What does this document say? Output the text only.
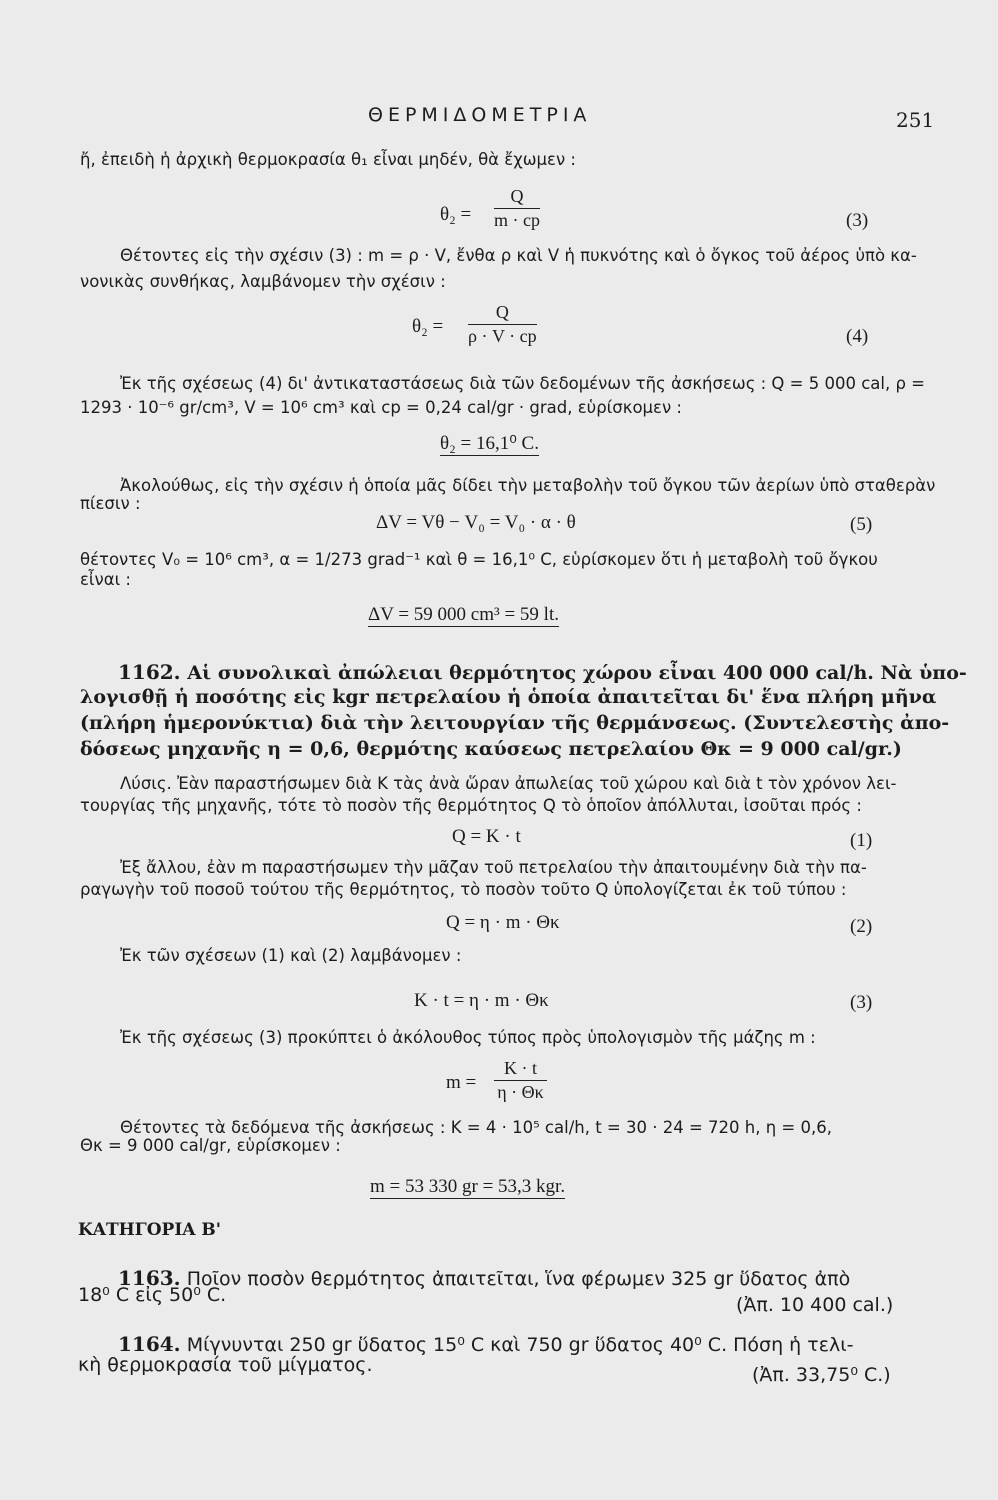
ΘΕΡΜΙΔΟΜΕΤΡΙΑ	251
ἤ, ἐπειδὴ ἡ ἀρχικὴ θερμοκρασία θ₁ εἶναι μηδέν, θὰ ἔχωμεν :
$\theta_2 = \frac{Q}{m \cdot cp}$	(3)
Θέτοντες εἰς τὴν σχέσιν (3) : m = ρ · V, ἔνθα ρ καὶ V ἡ πυκνότης καὶ ὁ ὄγκος τοῦ ἀέρος ὑπὸ κα-
νονικὰς συνθήκας, λαμβάνομεν τὴν σχέσιν :
$\theta_2 = \frac{Q}{\rho \cdot V \cdot cp}$	(4)
Ἐκ τῆς σχέσεως (4) δι' ἀντικαταστάσεως διὰ τῶν δεδομένων τῆς ἀσκήσεως : Q = 5 000 cal, ρ =
1293 · 10⁻⁶ gr/cm³, V = 10⁶ cm³ καὶ cp = 0,24 cal/gr · grad, εὑρίσκομεν :
θ₂ = 16,1⁰ C.
Ἀκολούθως, εἰς τὴν σχέσιν ἡ ὁποία μᾶς δίδει τὴν μεταβολὴν τοῦ ὄγκου τῶν ἀερίων ὑπὸ σταθερὰν
πίεσιν :
ΔV = Vθ − V₀ = V₀ · α · θ	(5)
θέτοντες V₀ = 10⁶ cm³, α = 1/273 grad⁻¹ καὶ θ = 16,1⁰ C, εὑρίσκομεν ὅτι ἡ μεταβολὴ τοῦ ὄγκου
εἶναι :
ΔV = 59 000 cm³ = 59 lt.
1162. Αἱ συνολικαὶ ἀπώλειαι θερμότητος χώρου εἶναι 400 000 cal/h. Νὰ ὑπο-
λογισθῇ ἡ ποσότης εἰς kgr πετρελαίου ἡ ὁποία ἀπαιτεῖται δι' ἕνα πλήρη μῆνα
(πλήρη ἡμερονύκτια) διὰ τὴν λειτουργίαν τῆς θερμάνσεως. (Συντελεστὴς ἀπο-
δόσεως μηχανῆς η = 0,6, θερμότης καύσεως πετρελαίου Θκ = 9 000 cal/gr.)
Λύσις. Ἐὰν παραστήσωμεν διὰ Κ τὰς ἀνὰ ὥραν ἀπωλείας τοῦ χώρου καὶ διὰ t τὸν χρόνον λει-
τουργίας τῆς μηχανῆς, τότε τὸ ποσὸν τῆς θερμότητος Q τὸ ὁποῖον ἀπόλλυται, ἰσοῦται πρός :
Q = K · t	(1)
Ἐξ ἄλλου, ἐὰν m παραστήσωμεν τὴν μᾶζαν τοῦ πετρελαίου τὴν ἀπαιτουμένην διὰ τὴν πα-
ραγωγὴν τοῦ ποσοῦ τούτου τῆς θερμότητος, τὸ ποσὸν τοῦτο Q ὑπολογίζεται ἐκ τοῦ τύπου :
Q = η · m · Θκ	(2)
Ἐκ τῶν σχέσεων (1) καὶ (2) λαμβάνομεν :
K · t = η · m · Θκ	(3)
Ἐκ τῆς σχέσεως (3) προκύπτει ὁ ἀκόλουθος τύπος πρὸς ὑπολογισμὸν τῆς μάζης m :
$m = \frac{K \cdot t}{\eta \cdot \Theta\kappa}$
Θέτοντες τὰ δεδόμενα τῆς ἀσκήσεως : K = 4 · 10⁵ cal/h, t = 30 · 24 = 720 h, η = 0,6,
Θκ = 9 000 cal/gr, εὑρίσκομεν :
m = 53 330 gr = 53,3 kgr.
ΚΑΤΗΓΟΡΙΑ Β'
1163. Ποῖον ποσὸν θερμότητος ἀπαιτεῖται, ἵνα φέρωμεν 325 gr ὕδατος ἀπὸ
18⁰ C εἰς 50⁰ C.	(Ἀπ. 10 400 cal.)
1164. Μίγνυνται 250 gr ὕδατος 15⁰ C καὶ 750 gr ὕδατος 40⁰ C. Πόση ἡ τελι-
κὴ θερμοκρασία τοῦ μίγματος.	(Ἀπ. 33,75⁰ C.)
